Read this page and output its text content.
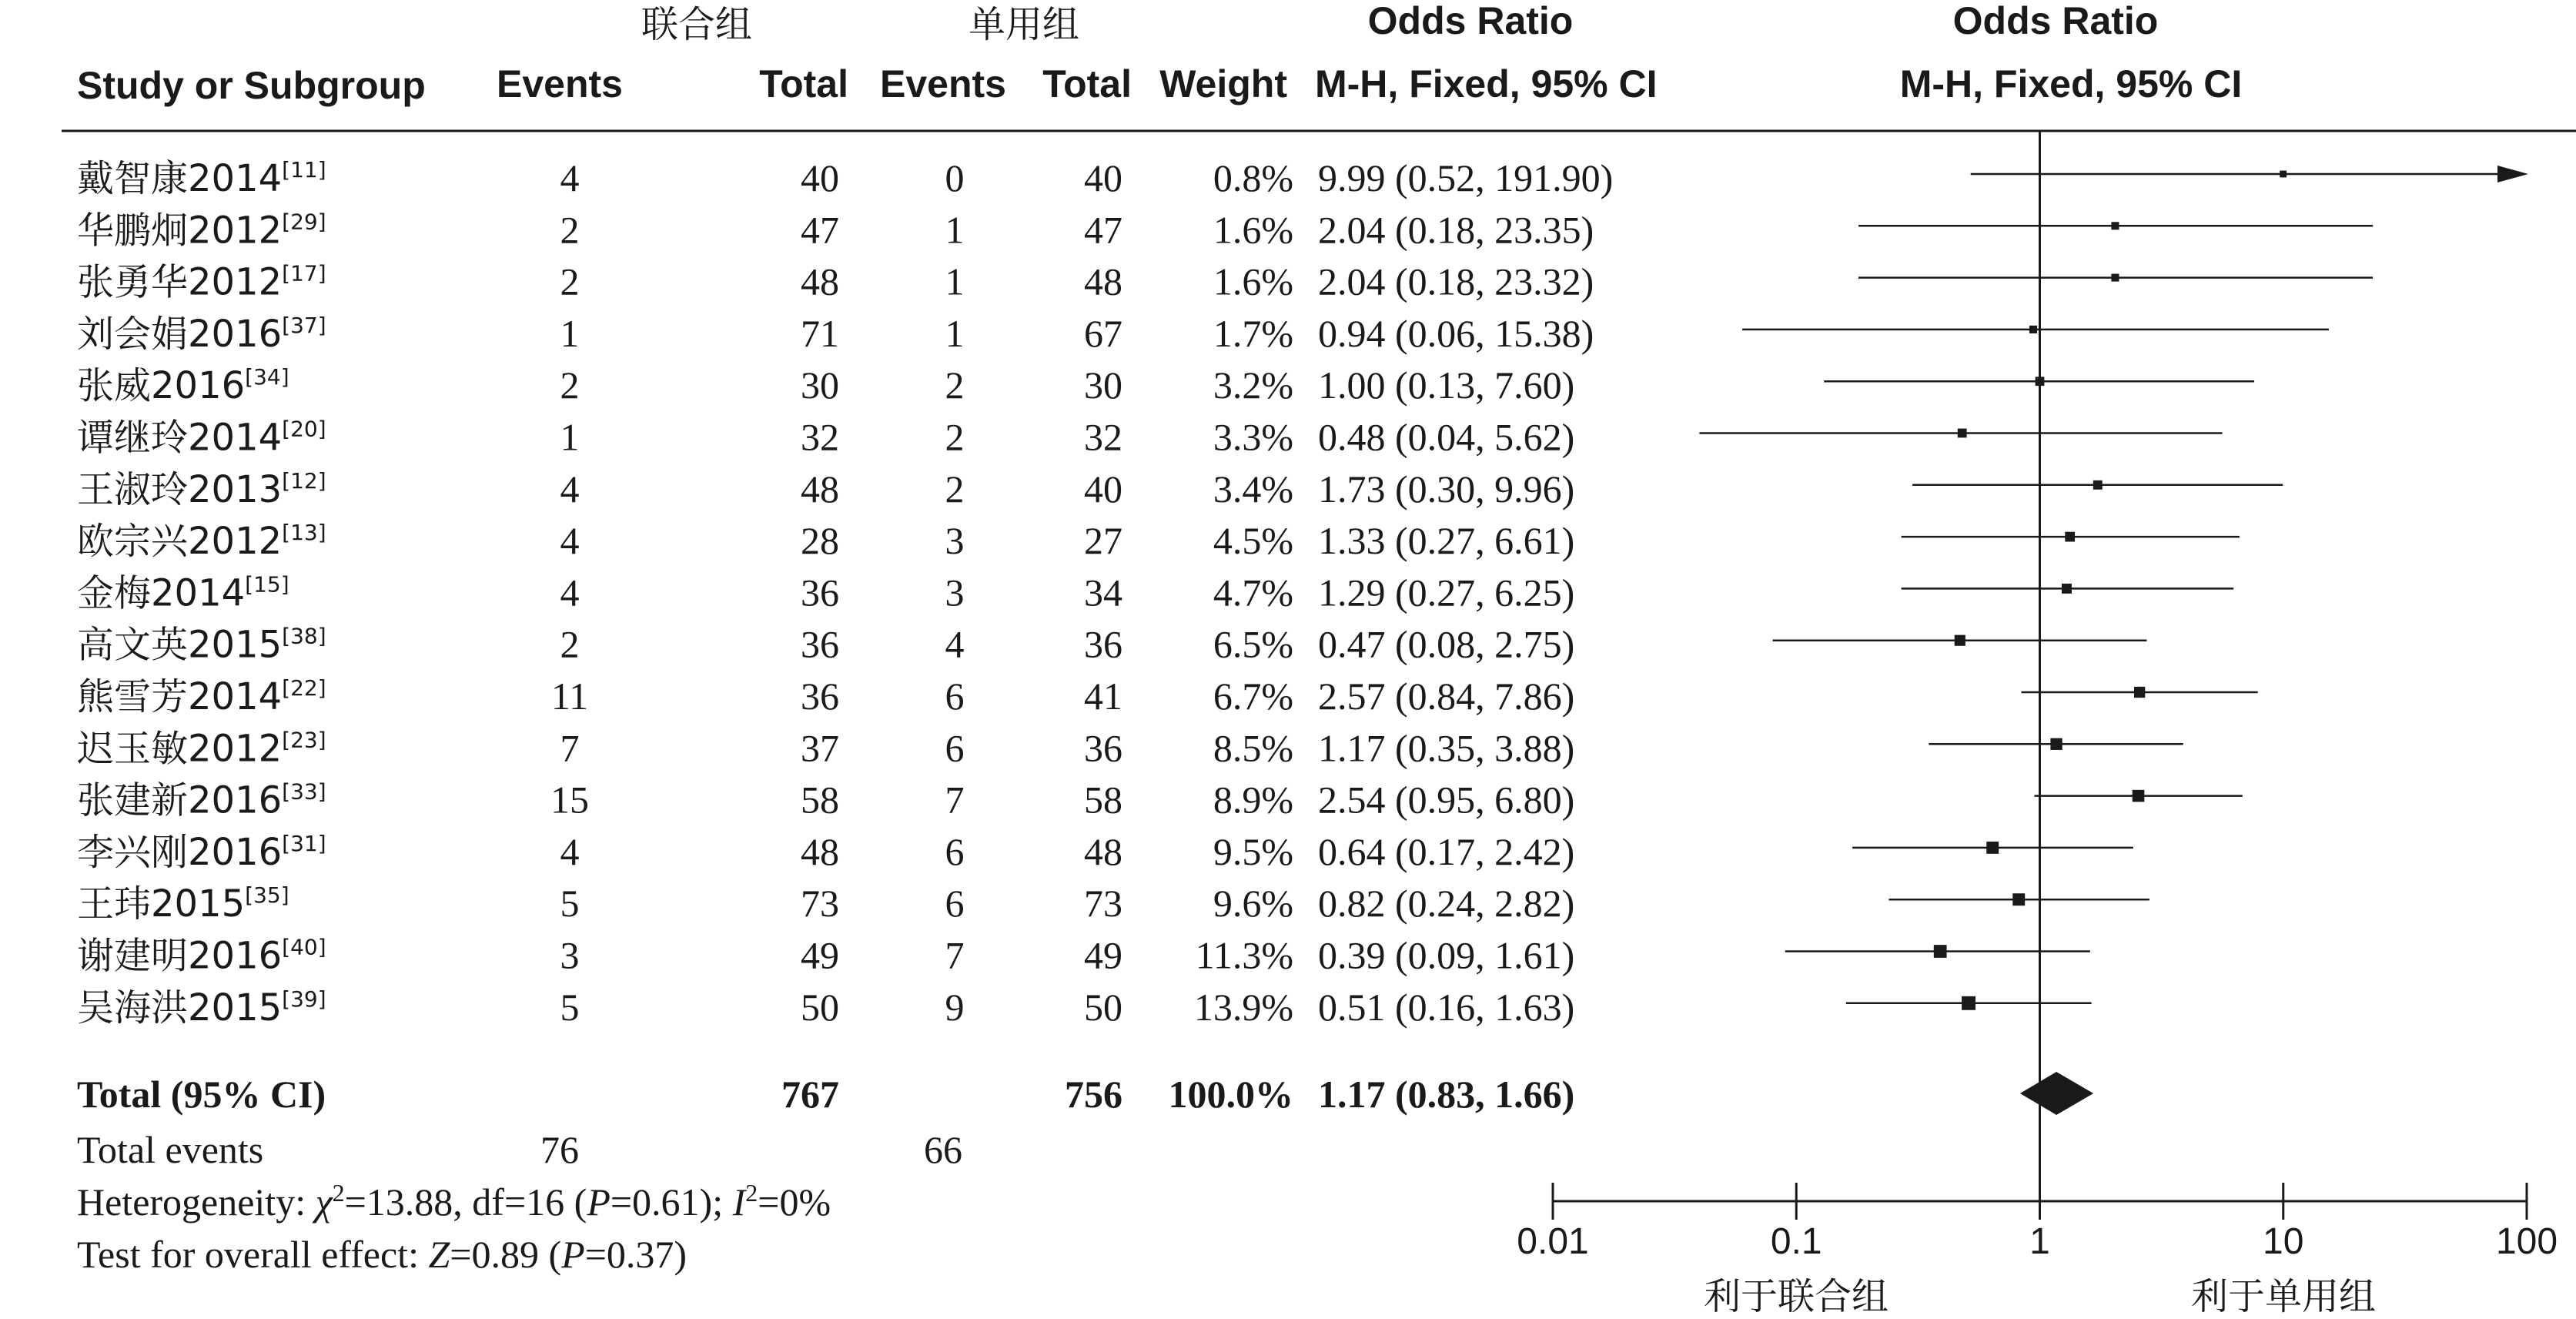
联合组	单用组	Odds Ratio	Odds Ratio
Study or Subgroup Events	Total Events Total Weight M-H, Fixed, 95% CI	M-H, Fixed, 95% CI
戴智康2014[11]	4	40	0	40 0.8% 9.99 (0.52, 191.90)
华鹏炯2012[29]	2	47	1	47 1.6% 2.04 (0.18, 23.35)
张勇华2012[17]	2	48	1	48 1.6% 2.04 (0.18, 23.32)
刘会娟2016[37]	1	71	1	67 1.7% 0.94 (0.06, 15.38)
张威2016[34]	2	30	2	30 3.2% 1.00 (0.13, 7.60)
谭继玲2014[20]	1	32	2	32 3.3% 0.48 (0.04, 5.62)
王淑玲2013[12]	4	48	2	40 3.4% 1.73 (0.30, 9.96)
欧宗兴2012[13]	4	28	3	27 4.5% 1.33 (0.27, 6.61)
金梅2014[15]	4	36	3	34 4.7% 1.29 (0.27, 6.25)
高文英2015[38]	2	36	4	36 6.5% 0.47 (0.08, 2.75)
熊雪芳2014[22]	11	36	6	41 6.7% 2.57 (0.84, 7.86)
迟玉敏2012[23]	7	37	6	36 8.5% 1.17 (0.35, 3.88)
张建新2016[33]	15	58	7	58 8.9% 2.54 (0.95, 6.80)
李兴刚2016[31]	4	48	6	48 9.5% 0.64 (0.17, 2.42)
王玮2015[35]	5	73	6	73 9.6% 0.82 (0.24, 2.82)
谢建明2016[40]	3	49	7	49 11.3% 0.39 (0.09, 1.61)
吴海洪2015[39]	5	50	9	50 13.9% 0.51 (0.16, 1.63)
Total (95% CI)	767	756 100.0% 1.17 (0.83, 1.66)
Total events	76	66
Heterogeneity: $\chi^2=13.88$, df=16 (P=0.61); $I^2=0\%$
Test for overall effect: Z=0.89 (P=0.37)	0.01	0.1	1	10	100
利于联合组	利于单用组
